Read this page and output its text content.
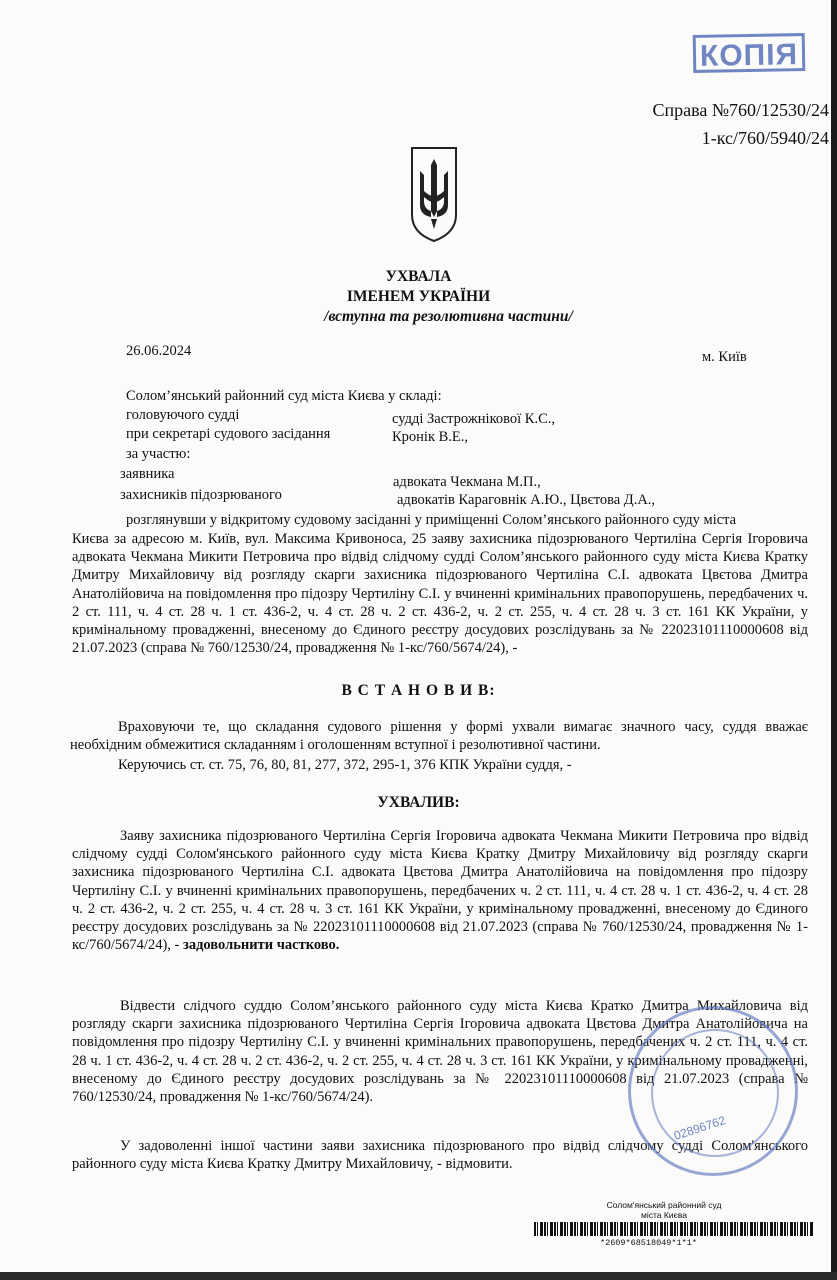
КОПІЯ
Справа №760/12530/24
1-кс/760/5940/24
УХВАЛА
ІМЕНЕМ УКРАЇНИ
/вступна та резолютивна частини/
26.06.2024	м. Київ
Солом’янський районний суд міста Києва у складі:
головуючого судді	судді Застрожнікової К.С.,
при секретарі судового засідання	Кронік В.Е.,
за участю:
заявника	адвоката Чекмана М.П.,
захисників підозрюваного	адвокатів Караговнік А.Ю., Цвєтова Д.А.,
розглянувши у відкритому судовому засіданні у приміщенні Солом’янського районного суду міста
Києва за адресою м. Київ, вул. Максима Кривоноса, 25 заяву захисника підозрюваного Чертиліна Сергія Ігоровича адвоката Чекмана Микити Петровича про відвід слідчому судді Солом’янського районного суду міста Києва Кратку Дмитру Михайловичу від розгляду скарги захисника підозрюваного Чертиліна С.І. адвоката Цвєтова Дмитра Анатолійовича на повідомлення про підозру Чертиліну С.І. у вчиненні кримінальних правопорушень, передбачених ч. 2 ст. 111, ч. 4 ст. 28 ч. 1 ст. 436-2, ч. 4 ст. 28 ч. 2 ст. 436-2, ч. 2 ст. 255, ч. 4 ст. 28 ч. 3 ст. 161 КК України, у кримінальному провадженні, внесеному до Єдиного реєстру досудових розслідувань за № 22023101110000608 від 21.07.2023 (справа № 760/12530/24, провадження № 1-кс/760/5674/24), -
В С Т А Н О В И В:
Враховуючи те, що складання судового рішення у формі ухвали вимагає значного часу, суддя вважає необхідним обмежитися складанням і оголошенням вступної і резолютивної частини.
Керуючись ст. ст. 75, 76, 80, 81, 277, 372, 295-1, 376 КПК України суддя, -
УХВАЛИВ:
Заяву захисника підозрюваного Чертиліна Сергія Ігоровича адвоката Чекмана Микити Петровича про відвід слідчому судді Солом'янського районного суду міста Києва Кратку Дмитру Михайловичу від розгляду скарги захисника підозрюваного Чертиліна С.І. адвоката Цвєтова Дмитра Анатолійовича на повідомлення про підозру Чертиліну С.І. у вчиненні кримінальних правопорушень, передбачених ч. 2 ст. 111, ч. 4 ст. 28 ч. 1 ст. 436-2, ч. 4 ст. 28 ч. 2 ст. 436-2, ч. 2 ст. 255, ч. 4 ст. 28 ч. 3 ст. 161 КК України, у кримінальному провадженні, внесеному до Єдиного реєстру досудових розслідувань за № 22023101110000608 від 21.07.2023 (справа № 760/12530/24, провадження № 1-кс/760/5674/24), - задовольнити частково.
Відвести слідчого суддю Солом’янського районного суду міста Києва Кратко Дмитра Михайловича від розгляду скарги захисника підозрюваного Чертиліна Сергія Ігоровича адвоката Цвєтова Дмитра Анатолійовича на повідомлення про підозру Чертиліну С.І. у вчиненні кримінальних правопорушень, передбачених ч. 2 ст. 111, ч. 4 ст. 28 ч. 1 ст. 436-2, ч. 4 ст. 28 ч. 2 ст. 436-2, ч. 2 ст. 255, ч. 4 ст. 28 ч. 3 ст. 161 КК України, у кримінальному провадженні, внесеному до Єдиного реєстру досудових розслідувань за № 22023101110000608 від 21.07.2023 (справа № 760/12530/24, провадження № 1-кс/760/5674/24).
У задоволенні іншої частини заяви захисника підозрюваного про відвід слідчому судді Солом'янського районного суду міста Києва Кратку Дмитру Михайловичу, - відмовити.
02896762
Солом'янський районний суд
міста Києва
*2609*68518049*1*1*
